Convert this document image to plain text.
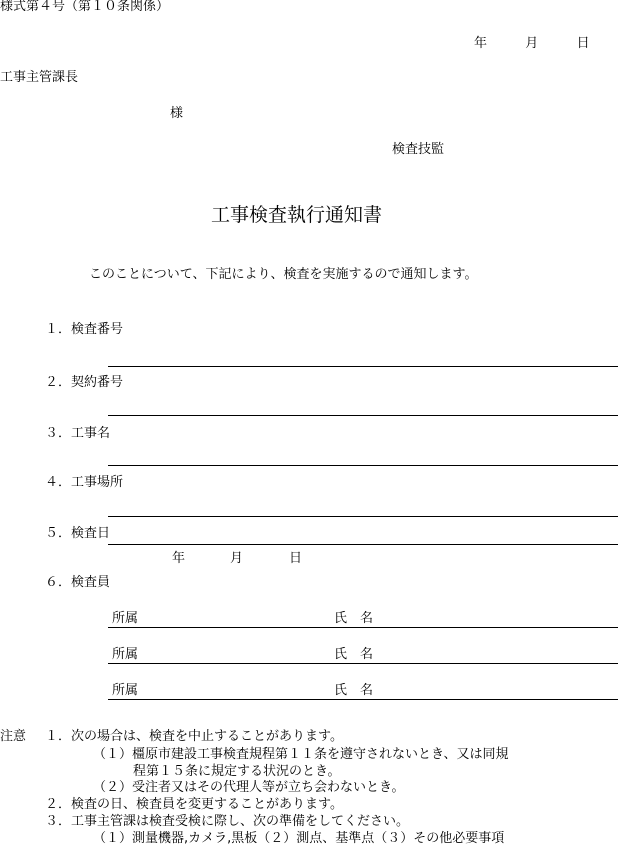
様式第４号（第１０条関係）
年	月	日
工事主管課長
様
検査技監
工事検査執行通知書
このことについて、下記により、検査を実施するので通知します。
１．検査番号
２．契約番号
３．工事名
４．工事場所
５．検査日
年	月	日
６．検査員
所属	氏　名
所属	氏　名
所属	氏　名
注意 １．次の場合は、検査を中止することがあります。
（１）橿原市建設工事検査規程第１１条を遵守されないとき、又は同規
程第１５条に規定する状況のとき。
（２）受注者又はその代理人等が立ち会わないとき。
２．検査の日、検査員を変更することがあります。
３．工事主管課は検査受検に際し、次の準備をしてください。
（１）測量機器,カメラ,黒板（２）測点、基準点（３）その他必要事項
